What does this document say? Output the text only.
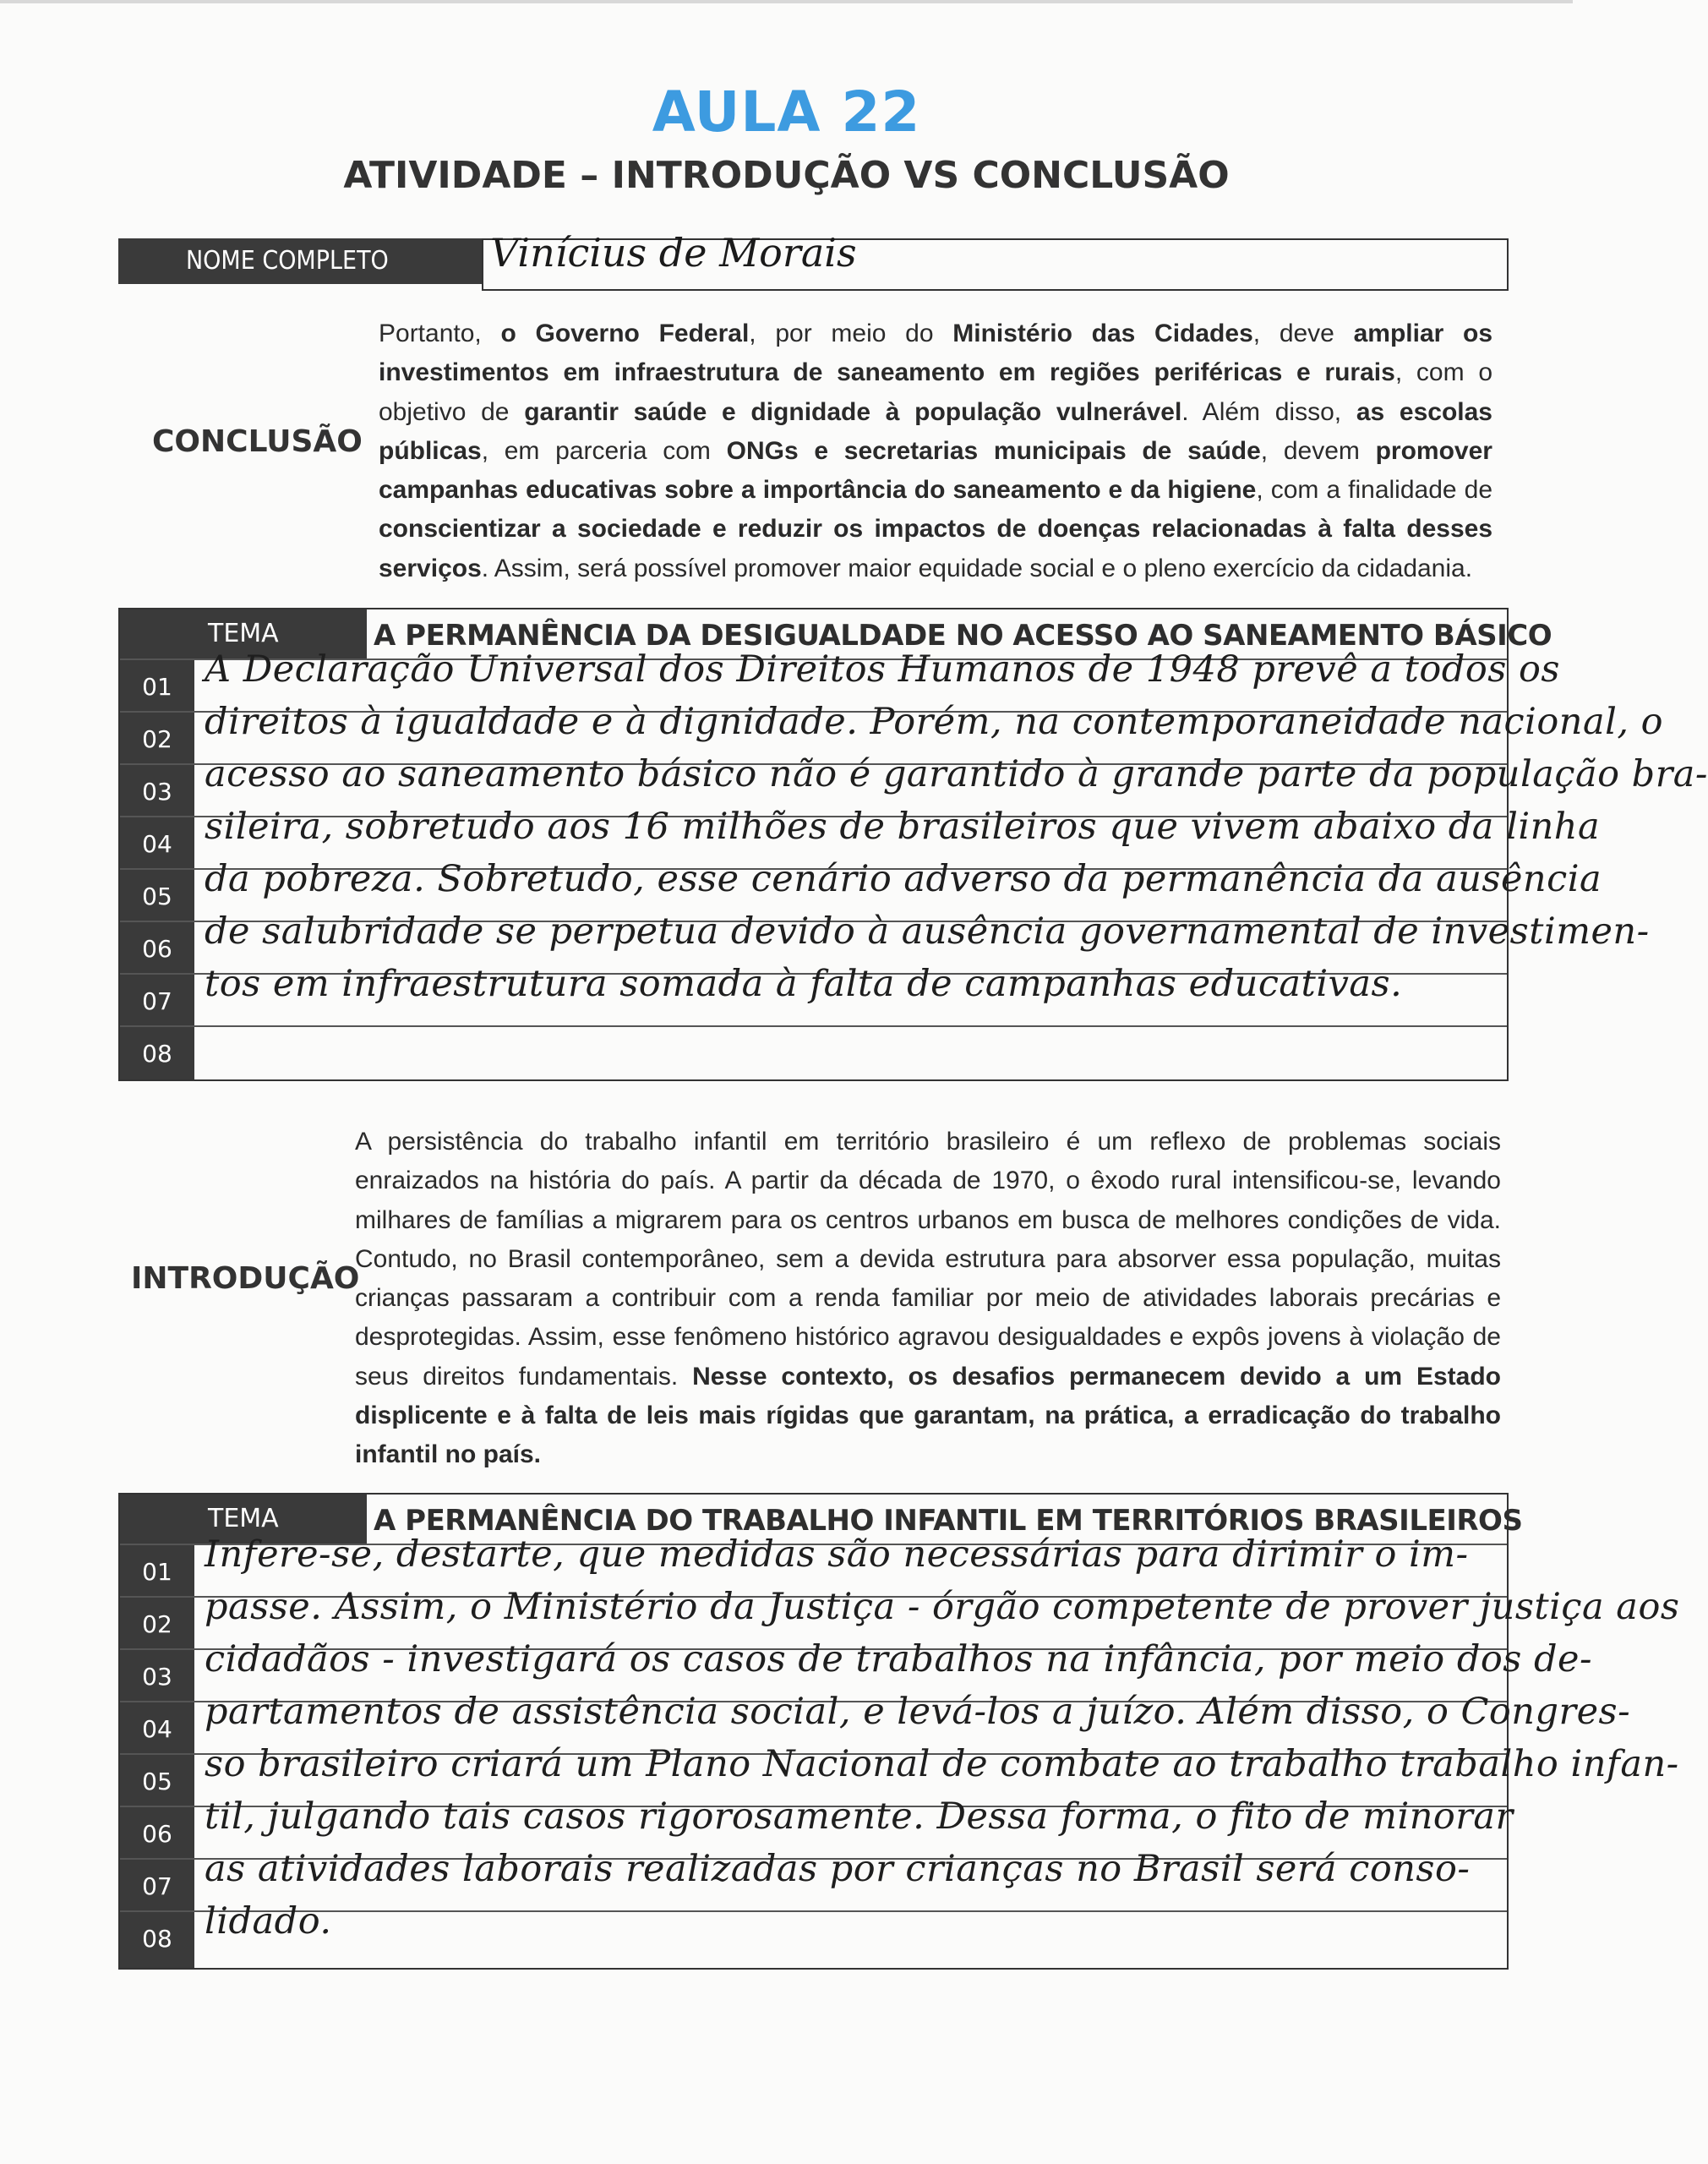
AULA 22
ATIVIDADE – INTRODUÇÃO VS CONCLUSÃO
NOME COMPLETO	Vinícius de Morais
CONCLUSÃO
Portanto, o Governo Federal, por meio do Ministério das Cidades, deve ampliar os investimentos em infraestrutura de saneamento em regiões periféricas e rurais, com o objetivo de garantir saúde e dignidade à população vulnerável. Além disso, as escolas públicas, em parceria com ONGs e secretarias municipais de saúde, devem promover campanhas educativas sobre a importância do saneamento e da higiene, com a finalidade de conscientizar a sociedade e reduzir os impactos de doenças relacionadas à falta desses serviços. Assim, será possível promover maior equidade social e o pleno exercício da cidadania.
TEMA	A PERMANÊNCIA DA DESIGUALDADE NO ACESSO AO SANEAMENTO BÁSICO
01 A Declaração Universal dos Direitos Humanos de 1948 prevê a todos os
02 direitos à igualdade e à dignidade. Porém, na contemporaneidade nacional, o
03 acesso ao saneamento básico não é garantido à grande parte da população bra-
04 sileira, sobretudo aos 16 milhões de brasileiros que vivem abaixo da linha
05 da pobreza. Sobretudo, esse cenário adverso da permanência da ausência
06 de salubridade se perpetua devido à ausência governamental de investimen-
07 tos em infraestrutura somada à falta de campanhas educativas.
08
INTRODUÇÃO
A persistência do trabalho infantil em território brasileiro é um reflexo de problemas sociais enraizados na história do país. A partir da década de 1970, o êxodo rural intensificou-se, levando milhares de famílias a migrarem para os centros urbanos em busca de melhores condições de vida. Contudo, no Brasil contemporâneo, sem a devida estrutura para absorver essa população, muitas crianças passaram a contribuir com a renda familiar por meio de atividades laborais precárias e desprotegidas. Assim, esse fenômeno histórico agravou desigualdades e expôs jovens à violação de seus direitos fundamentais. Nesse contexto, os desafios permanecem devido a um Estado displicente e à falta de leis mais rígidas que garantam, na prática, a erradicação do trabalho infantil no país.
TEMA	A PERMANÊNCIA DO TRABALHO INFANTIL EM TERRITÓRIOS BRASILEIROS
01 Infere-se, destarte, que medidas são necessárias para dirimir o im-
02 passe. Assim, o Ministério da Justiça - órgão competente de prover justiça aos
03 cidadãos - investigará os casos de trabalhos na infância, por meio dos de-
04 partamentos de assistência social, e levá-los a juízo. Além disso, o Congres-
05 so brasileiro criará um Plano Nacional de combate ao trabalho trabalho infan-
06 til, julgando tais casos rigorosamente. Dessa forma, o fito de minorar
07 as atividades laborais realizadas por crianças no Brasil será conso-
08 lidado.
